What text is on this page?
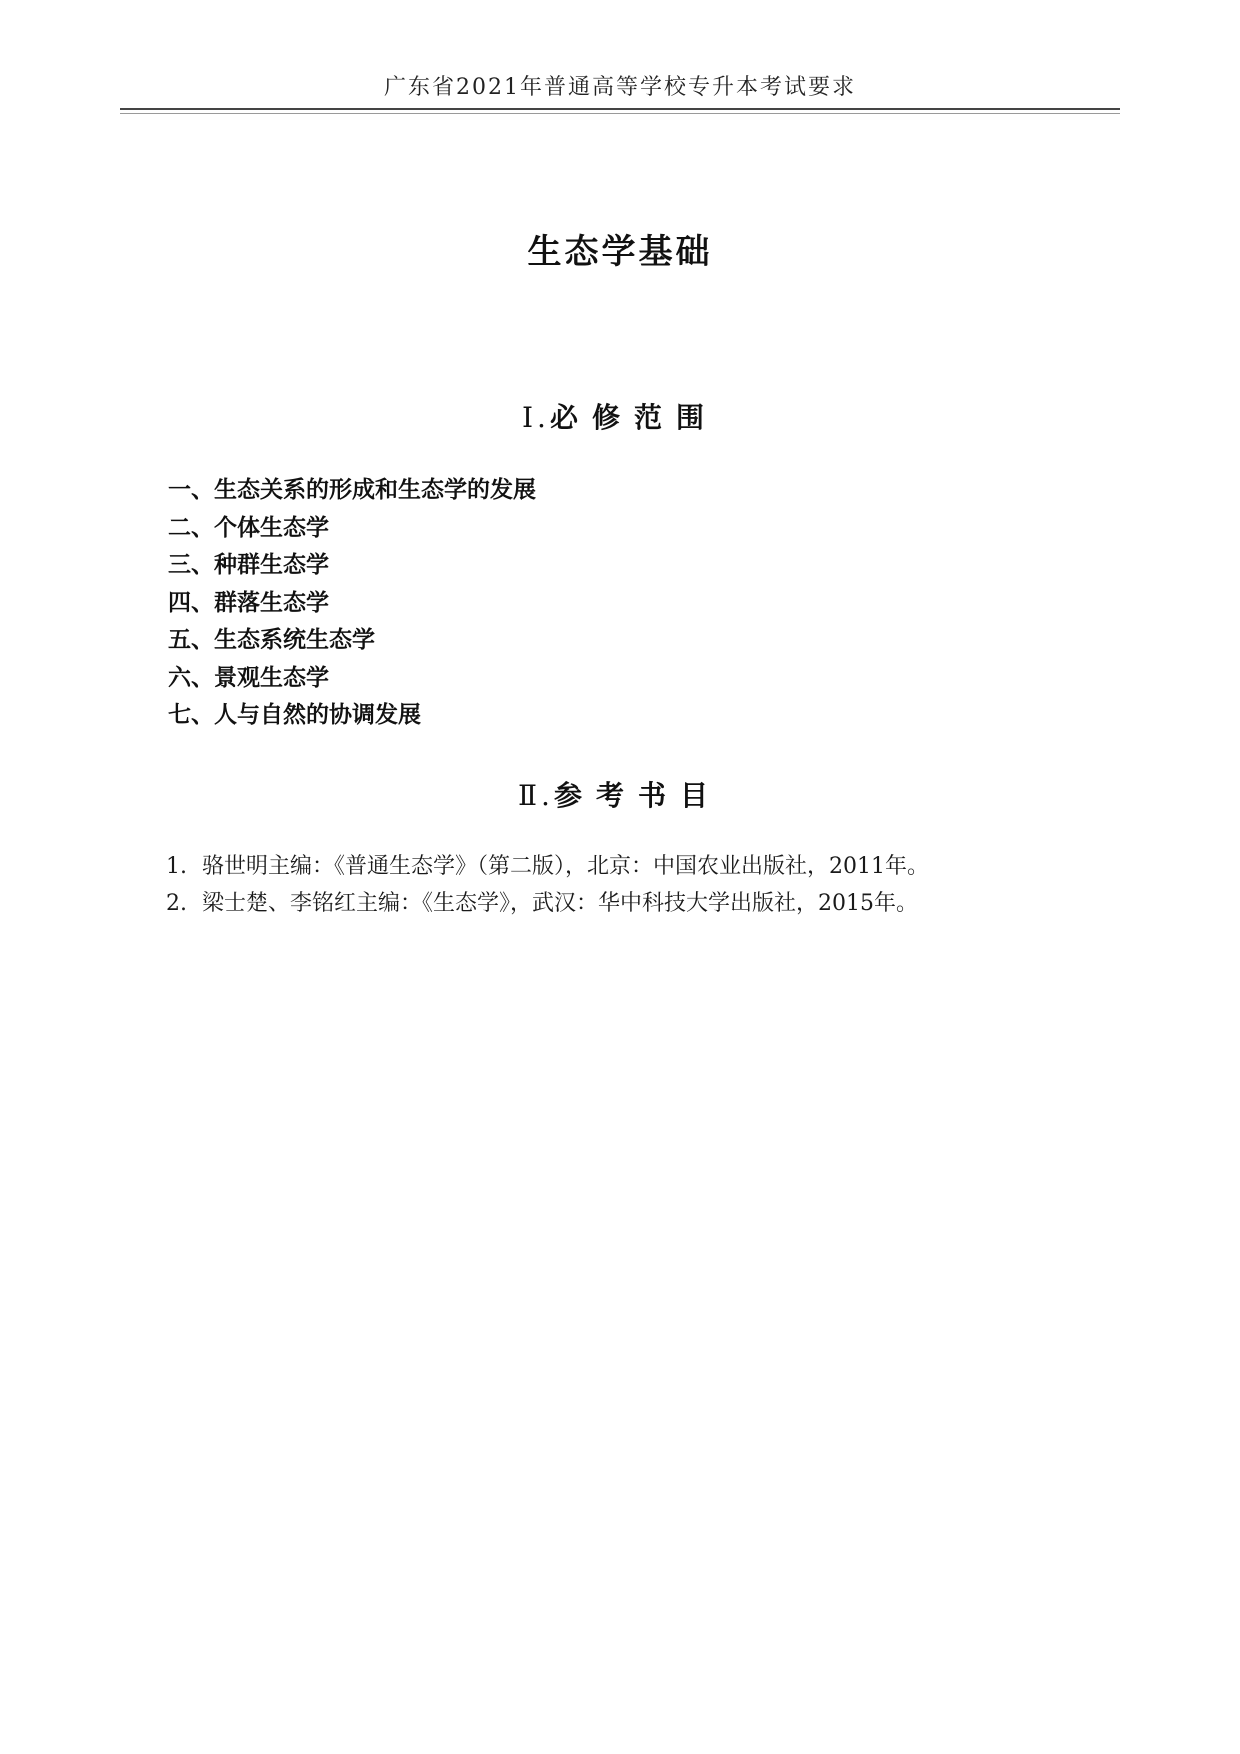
广东省2021年普通高等学校专升本考试要求
生态学基础
Ⅰ.必修范围
一、生态关系的形成和生态学的发展
二、个体生态学
三、种群生态学
四、群落生态学
五、生态系统生态学
六、景观生态学
七、人与自然的协调发展
Ⅱ.参考书目
1. 骆世明主编：《普通生态学》（第二版），北京：中国农业出版社，2011年。
2. 梁士楚、李铭红主编：《生态学》，武汉：华中科技大学出版社，2015年。
